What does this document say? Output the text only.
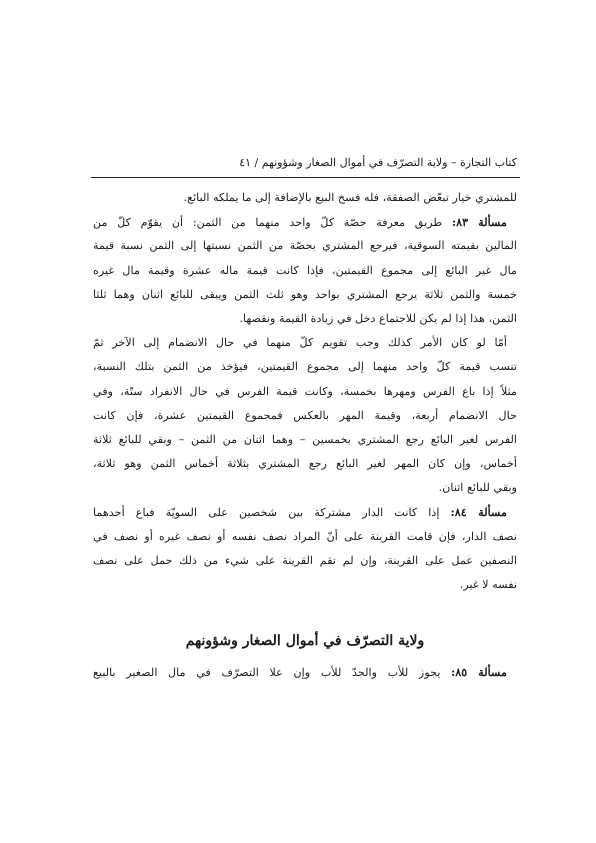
كتاب التجارة – ولاية التصرّف في أموال الصغار وشؤونهم / ٤١
للمشتري خيار تبعّض الصفقة، فله فسخ البيع بالإضافة إلى ما يملكه البائع.
مسألة ٨٣: طريق معرفة حصّة كلّ واحد منهما من الثمن: أن يقوّم كلّ من
المالين بقيمته السوقية، فيرجع المشتري بحصّة من الثمن نسبتها إلى الثمن نسبة قيمة
مال غير البائع إلى مجموع القيمتين، فإذا كانت قيمة ماله عشرة وقيمة مال غيره
خمسة والثمن ثلاثة يرجع المشتري بواحد وهو ثلث الثمن ويبقى للبائع اثنان وهما ثلثا
الثمن، هذا إذا لم يكن للاجتماع دخل في زيادة القيمة ونقصها.
أمّا لو كان الأمر كذلك وجب تقويم كلّ منهما في حال الانضمام إلى الآخر ثمّ
تنسب قيمة كلّ واحد منهما إلى مجموع القيمتين، فيؤخذ من الثمن بتلك النسبة،
مثلاً إذا باع الفرس ومهرها بخمسة، وكانت قيمة الفرس في حال الانفراد ستّة، وفي
حال الانضمام أربعة، وقيمة المهر بالعكس فمجموع القيمتين عشرة، فإن كانت
الفرس لغير البائع رجع المشتري بخمسين – وهما اثنان من الثمن – وبقي للبائع ثلاثة
أخماس، وإن كان المهر لغير البائع رجع المشتري بثلاثة أخماس الثمن وهو ثلاثة،
وبقي للبائع اثنان.
مسألة ٨٤: إذا كانت الدار مشتركة بين شخصين على السويّة فباع أحدهما
نصف الدار، فإن قامت القرينة على أنّ المراد نصف نفسه أو نصف غيره أو نصف في
النصفين عمل على القرينة، وإن لم تقم القرينة على شيء من ذلك حمل على نصف
نفسه لا غير.
ولاية التصرّف في أموال الصغار وشؤونهم
مسألة ٨٥: يجوز للأب والجدّ للأب وإن علا التصرّف في مال الصغير بالبيع
